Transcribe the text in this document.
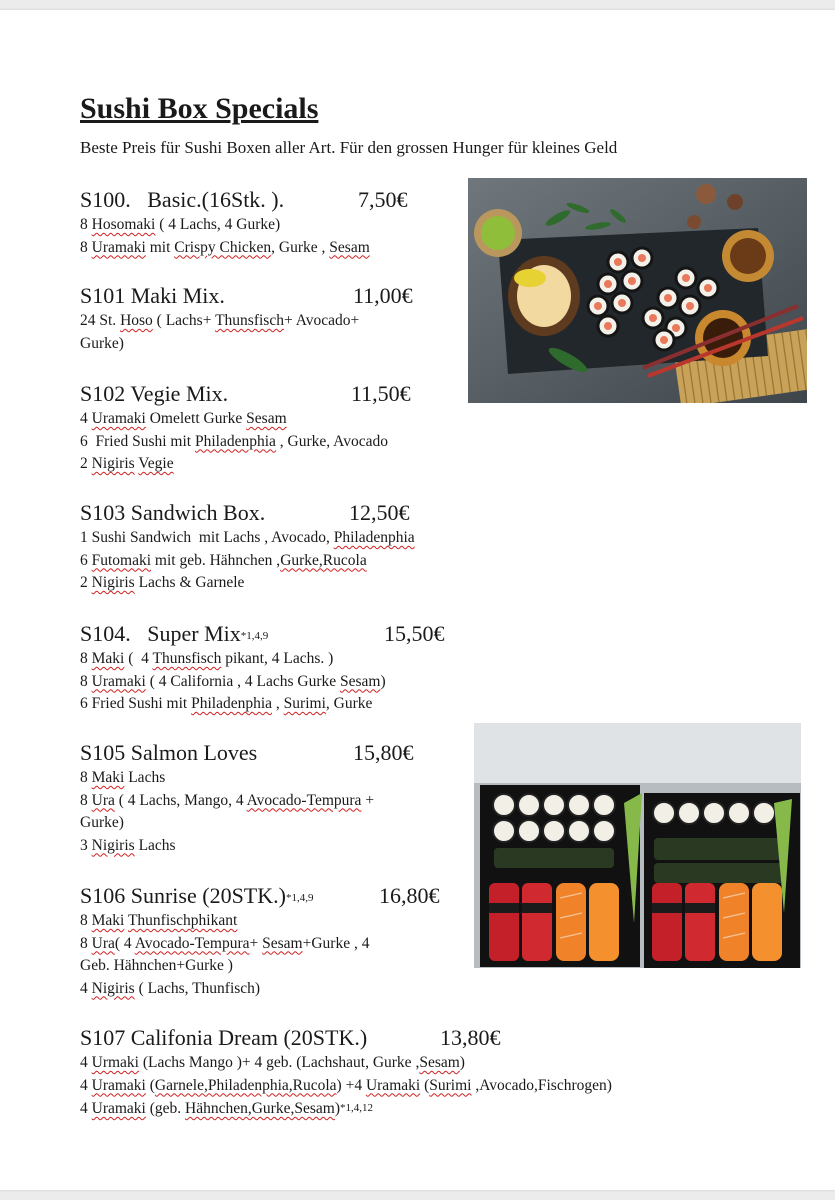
Sushi Box Specials
Beste Preis für Sushi Boxen aller Art. Für den grossen Hunger für kleines Geld
S100.   Basic.(16Stk. ).	7,50€
8 Hosomaki ( 4 Lachs, 4 Gurke)
8 Uramaki mit Crispy Chicken, Gurke , Sesam
S101 Maki Mix.	11,00€
24 St. Hoso ( Lachs+ Thunsfisch+ Avocado+
Gurke)
S102 Vegie Mix.	11,50€
4 Uramaki Omelett Gurke Sesam
6  Fried Sushi mit Philadenphia , Gurke, Avocado
2 Nigiris Vegie
S103 Sandwich Box.	12,50€
1 Sushi Sandwich  mit Lachs , Avocado, Philadenphia
6 Futomaki mit geb. Hähnchen ,Gurke,Rucola
2 Nigiris Lachs & Garnele
S104.   Super Mix*1,4,9	15,50€
8 Maki (  4 Thunsfisch pikant, 4 Lachs. )
8 Uramaki ( 4 California , 4 Lachs Gurke Sesam)
6 Fried Sushi mit Philadenphia , Surimi, Gurke
S105 Salmon Loves	15,80€
8 Maki Lachs
8 Ura ( 4 Lachs, Mango, 4 Avocado-Tempura +
Gurke)
3 Nigiris Lachs
S106 Sunrise (20STK.)*1,4,9	16,80€
8 Maki Thunfischphikant
8 Ura( 4 Avocado-Tempura+ Sesam+Gurke , 4
Geb. Hähnchen+Gurke )
4 Nigiris ( Lachs, Thunfisch)
S107 Califonia Dream (20STK.)	13,80€
4 Urmaki (Lachs Mango )+ 4 geb. (Lachshaut, Gurke ,Sesam)
4 Uramaki (Garnele,Philadenphia,Rucola) +4 Uramaki (Surimi ,Avocado,Fischrogen)
4 Uramaki (geb. Hähnchen,Gurke,Sesam)*1,4,12
